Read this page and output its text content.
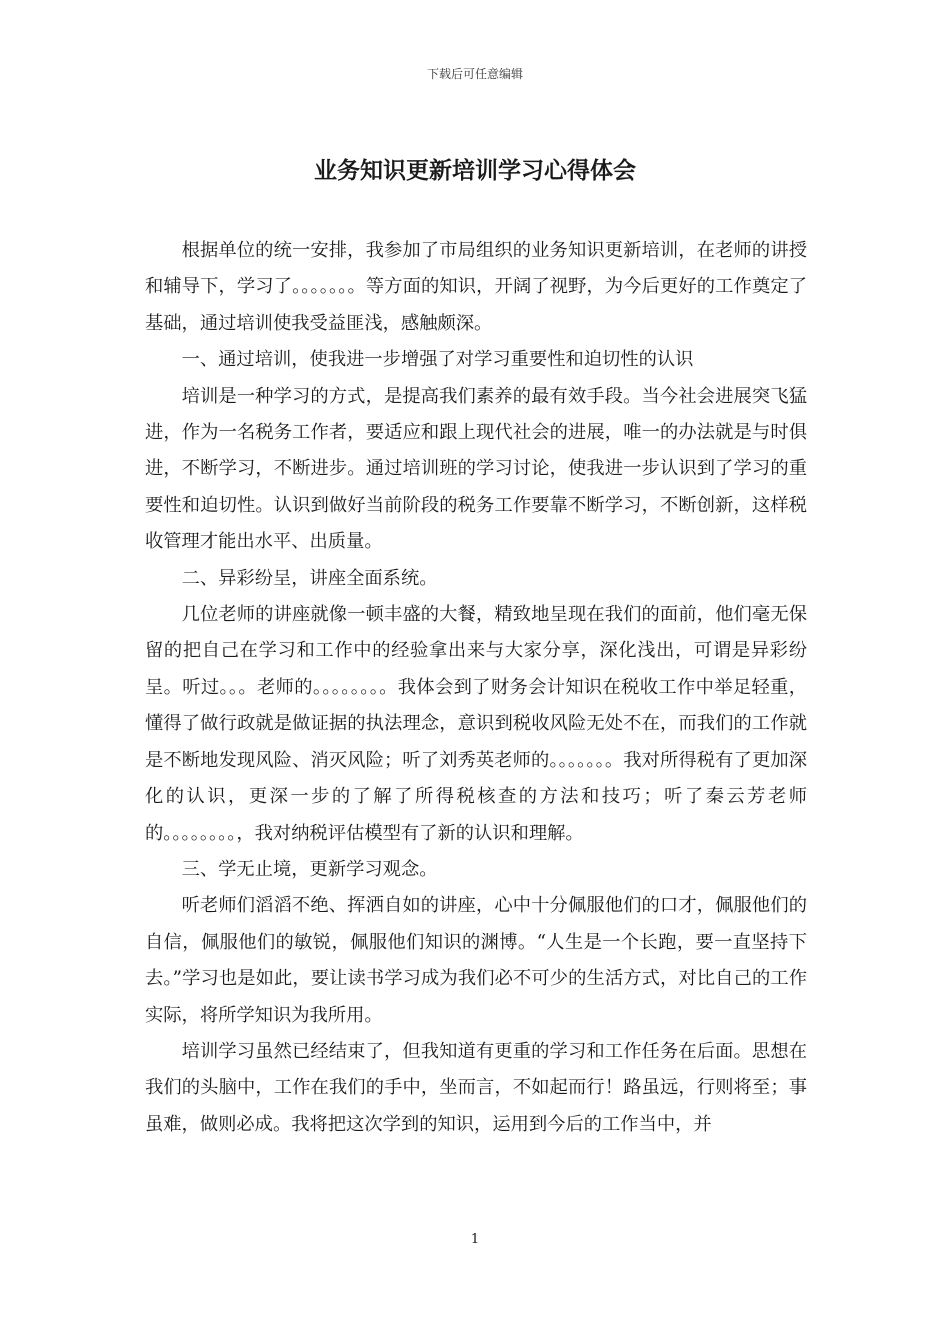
下载后可任意编辑
业务知识更新培训学习心得体会

根据单位的统一安排，我参加了市局组织的业务知识更新培训，在老师的讲授和辅导下，学习了。。。。。。。等方面的知识，开阔了视野，为今后更好的工作奠定了基础，通过培训使我受益匪浅，感触颇深。

一、通过培训，使我进一步增强了对学习重要性和迫切性的认识

培训是一种学习的方式，是提高我们素养的最有效手段。当今社会进展突飞猛进，作为一名税务工作者，要适应和跟上现代社会的进展，唯一的办法就是与时俱进，不断学习，不断进步。通过培训班的学习讨论，使我进一步认识到了学习的重要性和迫切性。认识到做好当前阶段的税务工作要靠不断学习，不断创新，这样税收管理才能出水平、出质量。

二、异彩纷呈，讲座全面系统。

几位老师的讲座就像一顿丰盛的大餐，精致地呈现在我们的面前，他们毫无保留的把自己在学习和工作中的经验拿出来与大家分享，深化浅出，可谓是异彩纷呈。听过。。。老师的。。。。。。。。我体会到了财务会计知识在税收工作中举足轻重，懂得了做行政就是做证据的执法理念，意识到税收风险无处不在，而我们的工作就是不断地发现风险、消灭风险；听了刘秀英老师的。。。。。。。我对所得税有了更加深化的认识，更深一步的了解了所得税核查的方法和技巧；听了秦云芳老师的。。。。。。。。，我对纳税评估模型有了新的认识和理解。

三、学无止境，更新学习观念。

听老师们滔滔不绝、挥洒自如的讲座，心中十分佩服他们的口才，佩服他们的自信，佩服他们的敏锐，佩服他们知识的渊博。“人生是一个长跑，要一直坚持下去。”学习也是如此，要让读书学习成为我们必不可少的生活方式，对比自己的工作实际，将所学知识为我所用。

培训学习虽然已经结束了，但我知道有更重的学习和工作任务在后面。思想在我们的头脑中，工作在我们的手中，坐而言，不如起而行！路虽远，行则将至；事虽难，做则必成。我将把这次学到的知识，运用到今后的工作当中，并

1
